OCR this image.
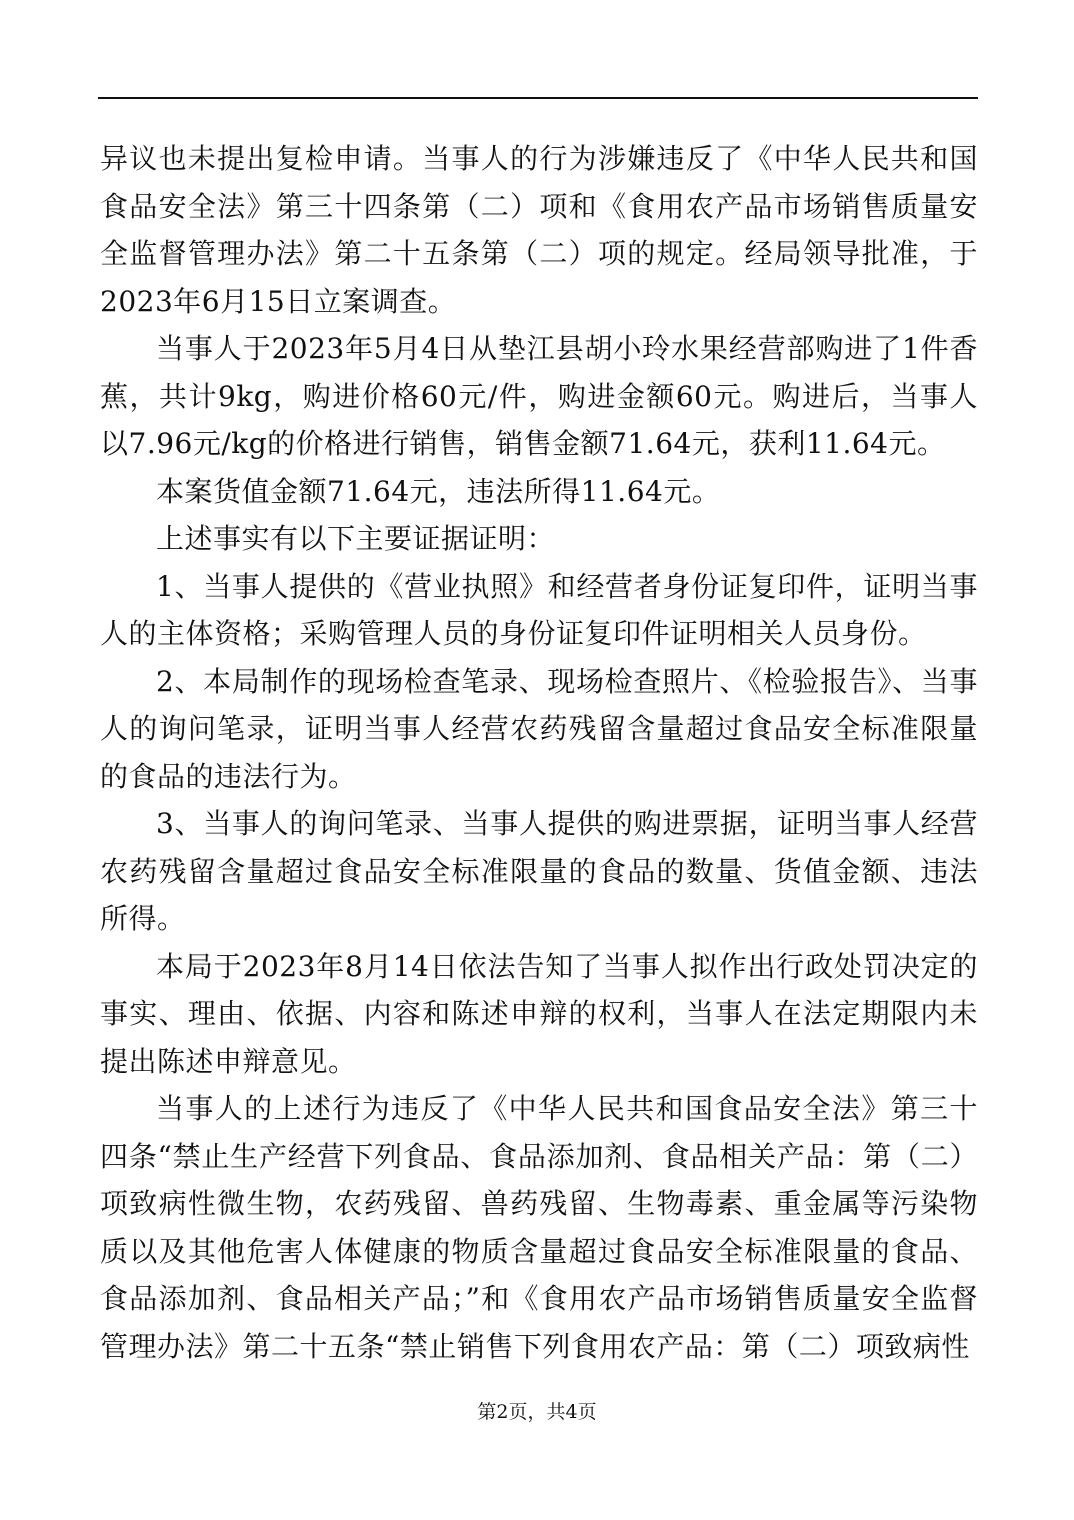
异议也未提出复检申请。当事人的行为涉嫌违反了《中华人民共和国食品安全法》第三十四条第（二）项和《食用农产品市场销售质量安全监督管理办法》第二十五条第（二）项的规定。经局领导批准，于2023年6月15日立案调查。

当事人于2023年5月4日从垫江县胡小玲水果经营部购进了1件香蕉，共计9kg，购进价格60元/件，购进金额60元。购进后，当事人以7.96元/kg的价格进行销售，销售金额71.64元，获利11.64元。

本案货值金额71.64元，违法所得11.64元。

上述事实有以下主要证据证明：

1、当事人提供的《营业执照》和经营者身份证复印件，证明当事人的主体资格；采购管理人员的身份证复印件证明相关人员身份。

2、本局制作的现场检查笔录、现场检查照片、《检验报告》、当事人的询问笔录，证明当事人经营农药残留含量超过食品安全标准限量的食品的违法行为。

3、当事人的询问笔录、当事人提供的购进票据，证明当事人经营农药残留含量超过食品安全标准限量的食品的数量、货值金额、违法所得。

本局于2023年8月14日依法告知了当事人拟作出行政处罚决定的事实、理由、依据、内容和陈述申辩的权利，当事人在法定期限内未提出陈述申辩意见。

当事人的上述行为违反了《中华人民共和国食品安全法》第三十四条“禁止生产经营下列食品、食品添加剂、食品相关产品：第（二）项致病性微生物，农药残留、兽药残留、生物毒素、重金属等污染物质以及其他危害人体健康的物质含量超过食品安全标准限量的食品、食品添加剂、食品相关产品；”和《食用农产品市场销售质量安全监督管理办法》第二十五条“禁止销售下列食用农产品：第（二）项致病性

第2页，共4页
